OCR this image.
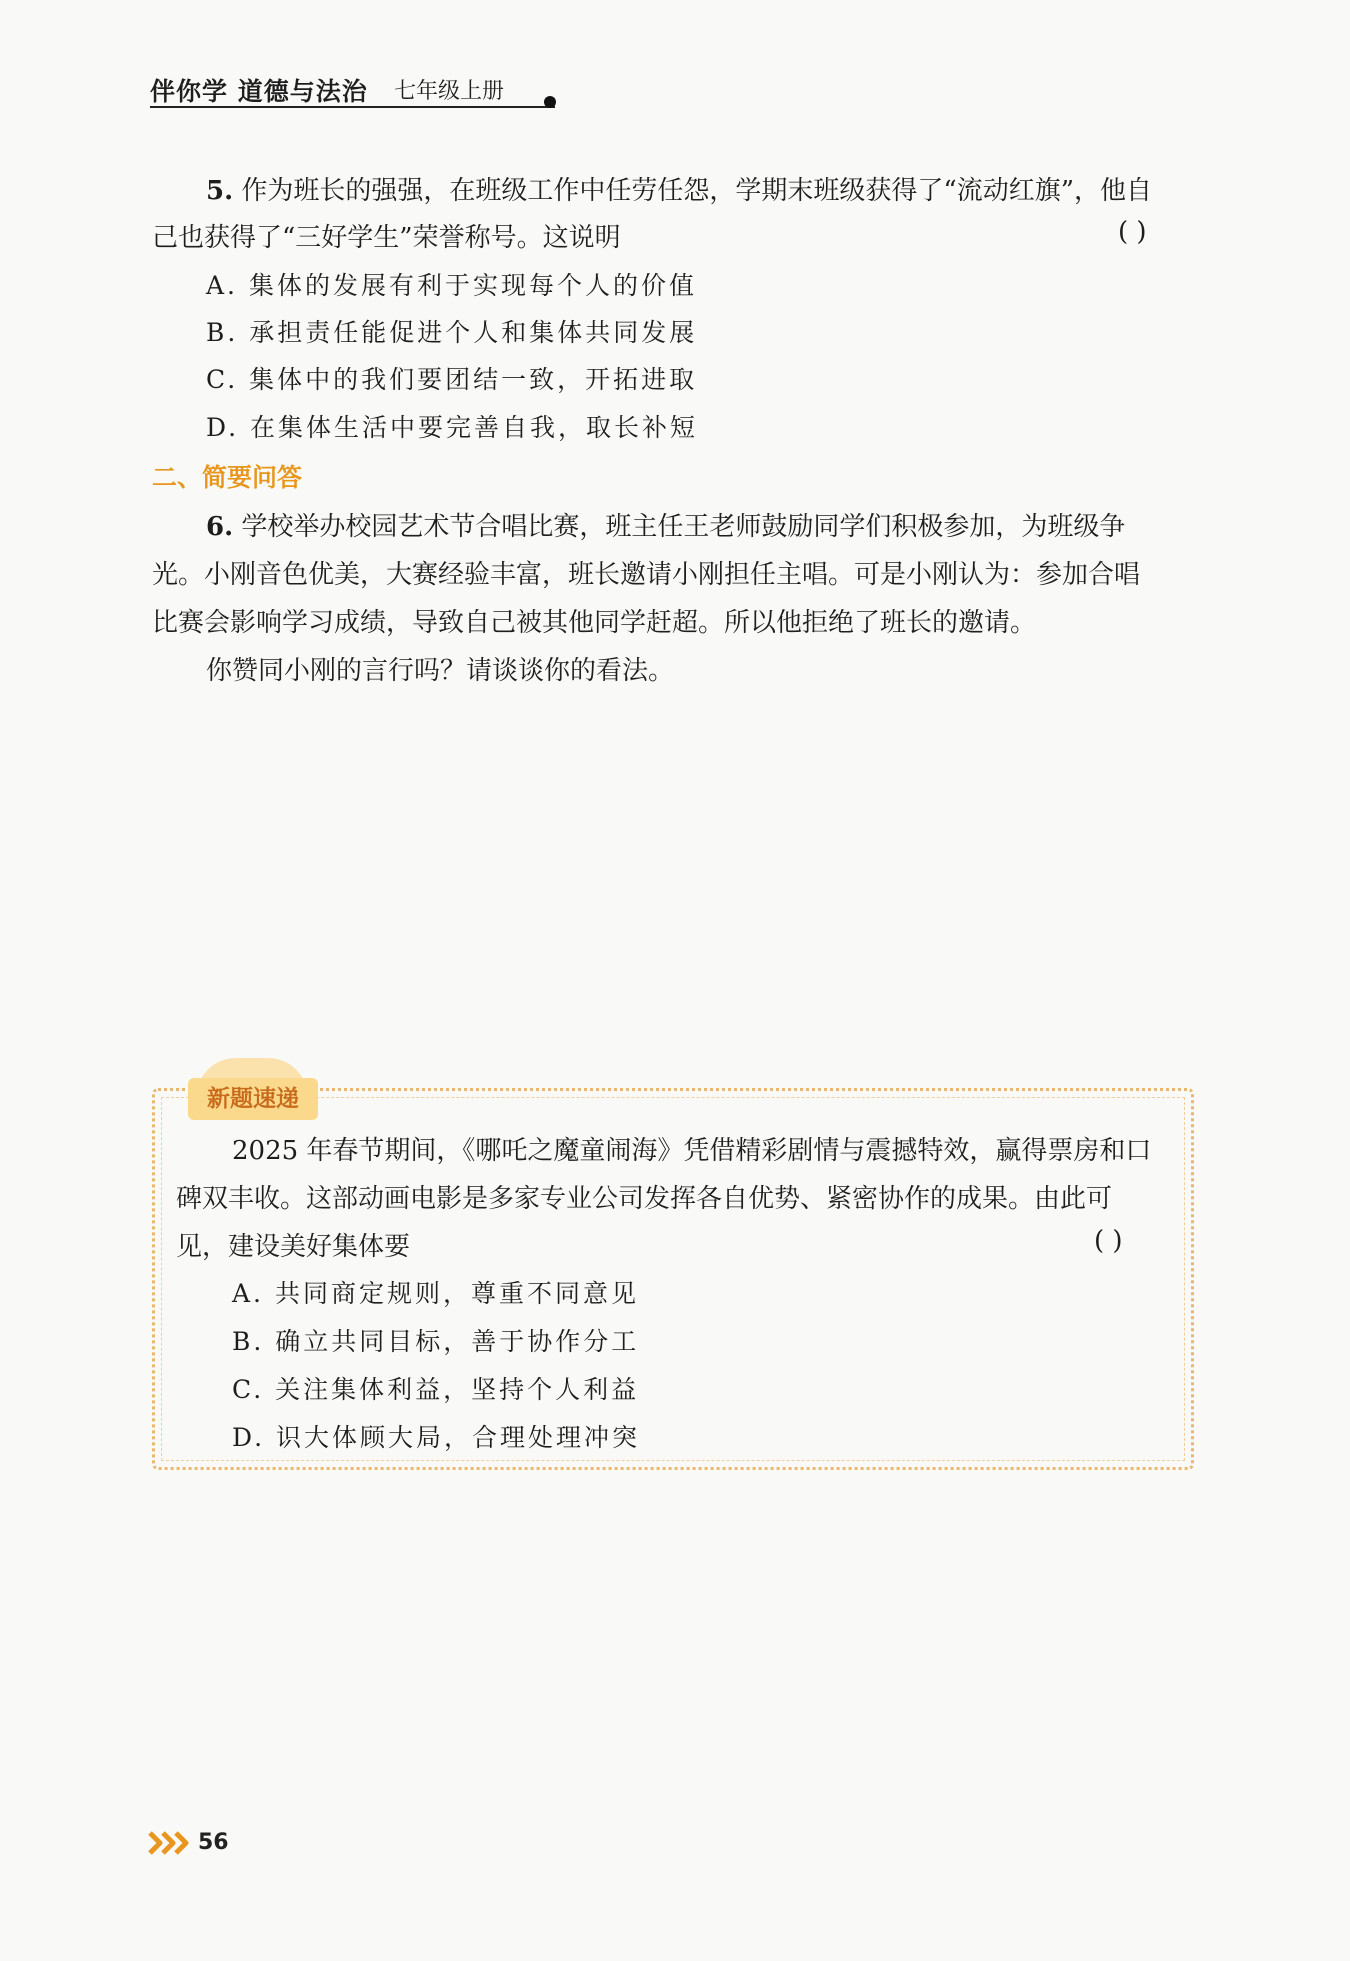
伴你学 道德与法治 七年级上册
5. 作为班长的强强，在班级工作中任劳任怨，学期末班级获得了“流动红旗”，他自
己也获得了“三好学生”荣誉称号。这说明	( )
A. 集体的发展有利于实现每个人的价值
B. 承担责任能促进个人和集体共同发展
C. 集体中的我们要团结一致，开拓进取
D. 在集体生活中要完善自我，取长补短
二、简要问答
6. 学校举办校园艺术节合唱比赛，班主任王老师鼓励同学们积极参加，为班级争
光。小刚音色优美，大赛经验丰富，班长邀请小刚担任主唱。可是小刚认为：参加合唱
比赛会影响学习成绩，导致自己被其他同学赶超。所以他拒绝了班长的邀请。
你赞同小刚的言行吗？请谈谈你的看法。
新题速递
2025 年春节期间，《哪吒之魔童闹海》凭借精彩剧情与震撼特效，赢得票房和口
碑双丰收。这部动画电影是多家专业公司发挥各自优势、紧密协作的成果。由此可
见，建设美好集体要	( )
A. 共同商定规则，尊重不同意见
B. 确立共同目标，善于协作分工
C. 关注集体利益，坚持个人利益
D. 识大体顾大局，合理处理冲突
56
